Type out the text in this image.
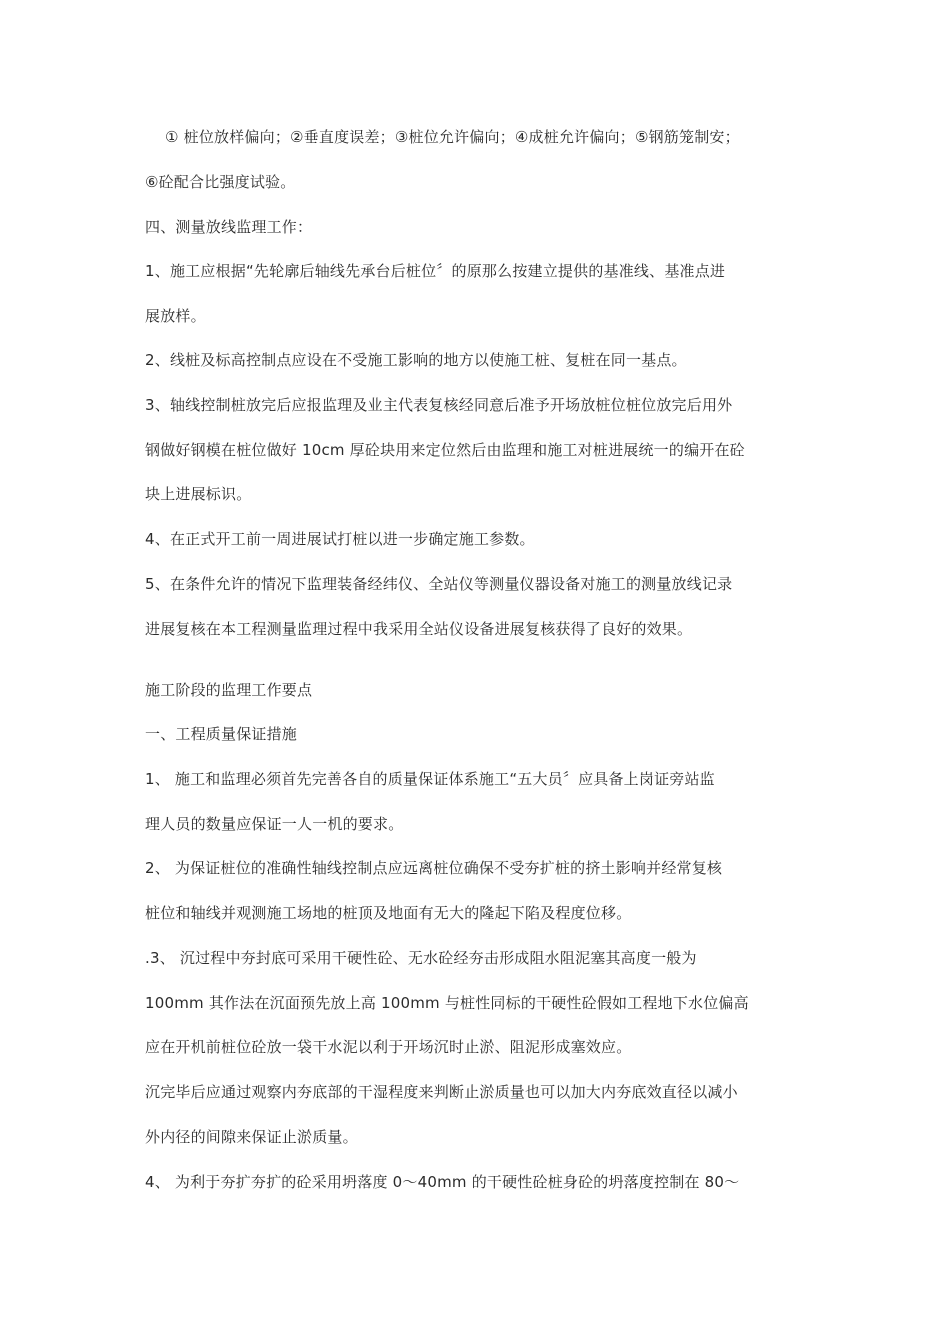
① 桩位放样偏向；②垂直度误差；③桩位允许偏向；④成桩允许偏向；⑤钢筋笼制安；
⑥砼配合比强度试验。
四、测量放线监理工作：
1、施工应根据“先轮廓后轴线先承台后桩位〞的原那么按建立提供的基准线、基准点进
展放样。
2、线桩及标高控制点应设在不受施工影响的地方以使施工桩、复桩在同一基点。
3、轴线控制桩放完后应报监理及业主代表复核经同意后准予开场放桩位桩位放完后用外
钢做好钢模在桩位做好 10cm 厚砼块用来定位然后由监理和施工对桩进展统一的编开在砼
块上进展标识。
4、在正式开工前一周进展试打桩以进一步确定施工参数。
5、在条件允许的情况下监理装备经纬仪、全站仪等测量仪器设备对施工的测量放线记录
进展复核在本工程测量监理过程中我采用全站仪设备进展复核获得了良好的效果。
施工阶段的监理工作要点
一、工程质量保证措施
1、 施工和监理必须首先完善各自的质量保证体系施工“五大员〞应具备上岗证旁站监
理人员的数量应保证一人一机的要求。
2、 为保证桩位的准确性轴线控制点应远离桩位确保不受夯扩桩的挤土影响并经常复核
桩位和轴线并观测施工场地的桩顶及地面有无大的隆起下陷及程度位移。
.3、 沉过程中夯封底可采用干硬性砼、无水砼经夯击形成阻水阻泥塞其高度一般为
100mm 其作法在沉面预先放上高 100mm 与桩性同标的干硬性砼假如工程地下水位偏高
应在开机前桩位砼放一袋干水泥以利于开场沉时止淤、阻泥形成塞效应。
沉完毕后应通过观察内夯底部的干湿程度来判断止淤质量也可以加大内夯底效直径以减小
外内径的间隙来保证止淤质量。
4、 为利于夯扩夯扩的砼采用坍落度 0～40mm 的干硬性砼桩身砼的坍落度控制在 80～
